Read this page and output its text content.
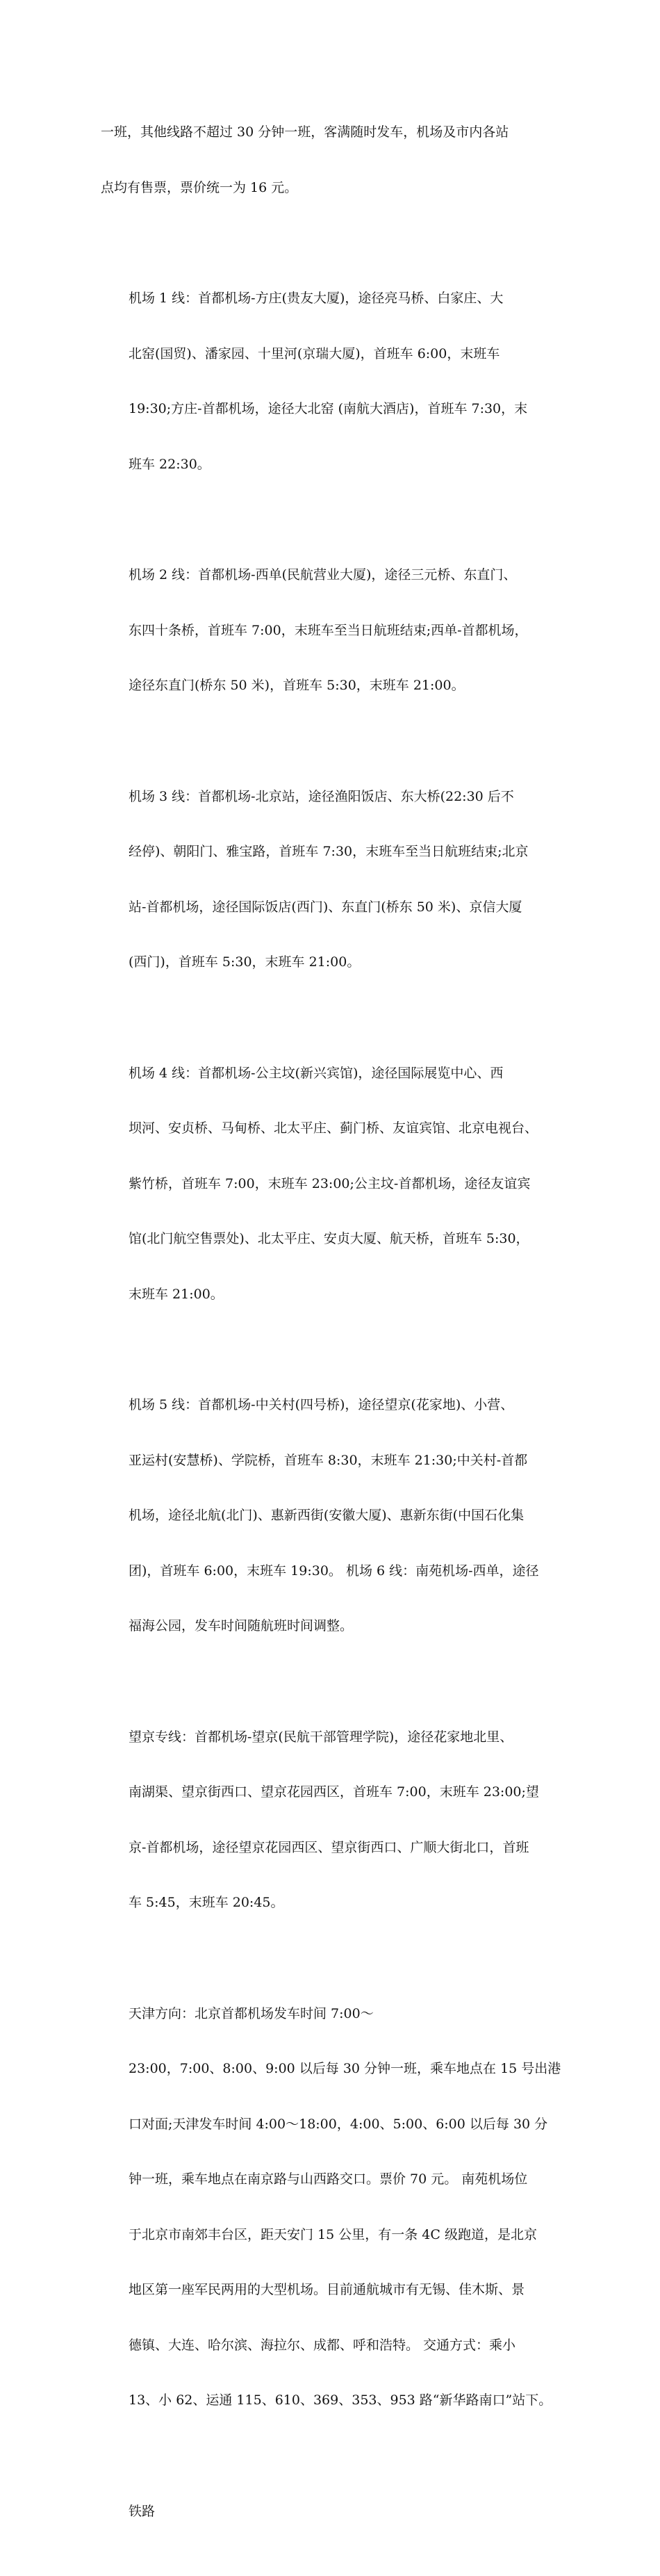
一班，其他线路不超过 30 分钟一班，客满随时发车，机场及市内各站

点均有售票，票价统一为 16 元。

机场 1 线：首都机场-方庄(贵友大厦)，途径亮马桥、白家庄、大

北窑(国贸)、潘家园、十里河(京瑞大厦)，首班车 6:00，末班车

19:30;方庄-首都机场，途径大北窑 (南航大酒店)，首班车 7:30，末

班车 22:30。

机场 2 线：首都机场-西单(民航营业大厦)，途径三元桥、东直门、

东四十条桥，首班车 7:00，末班车至当日航班结束;西单-首都机场，

途径东直门(桥东 50 米)，首班车 5:30，末班车 21:00。

机场 3 线：首都机场-北京站，途径渔阳饭店、东大桥(22:30 后不

经停)、朝阳门、雅宝路，首班车 7:30，末班车至当日航班结束;北京

站-首都机场，途径国际饭店(西门)、东直门(桥东 50 米)、京信大厦

(西门)，首班车 5:30，末班车 21:00。

机场 4 线：首都机场-公主坟(新兴宾馆)，途径国际展览中心、西

坝河、安贞桥、马甸桥、北太平庄、蓟门桥、友谊宾馆、北京电视台、

紫竹桥，首班车 7:00，末班车 23:00;公主坟-首都机场，途径友谊宾

馆(北门航空售票处)、北太平庄、安贞大厦、航天桥，首班车 5:30，

末班车 21:00。

机场 5 线：首都机场-中关村(四号桥)，途径望京(花家地)、小营、

亚运村(安慧桥)、学院桥，首班车 8:30，末班车 21:30;中关村-首都

机场，途径北航(北门)、惠新西街(安徽大厦)、惠新东街(中国石化集

团)，首班车 6:00，末班车 19:30。 机场 6 线：南苑机场-西单，途径

福海公园，发车时间随航班时间调整。

望京专线：首都机场-望京(民航干部管理学院)，途径花家地北里、

南湖渠、望京街西口、望京花园西区，首班车 7:00，末班车 23:00;望

京-首都机场，途径望京花园西区、望京街西口、广顺大街北口，首班

车 5:45，末班车 20:45。

天津方向：北京首都机场发车时间 7:00～

23:00，7:00、8:00、9:00 以后每 30 分钟一班，乘车地点在 15 号出港

口对面;天津发车时间 4:00～18:00，4:00、5:00、6:00 以后每 30 分

钟一班，乘车地点在南京路与山西路交口。票价 70 元。 南苑机场位

于北京市南郊丰台区，距天安门 15 公里，有一条 4C 级跑道，是北京

地区第一座军民两用的大型机场。目前通航城市有无锡、佳木斯、景

德镇、大连、哈尔滨、海拉尔、成都、呼和浩特。 交通方式：乘小

13、小 62、运通 115、610、369、353、953 路“新华路南口”站下。

铁路
